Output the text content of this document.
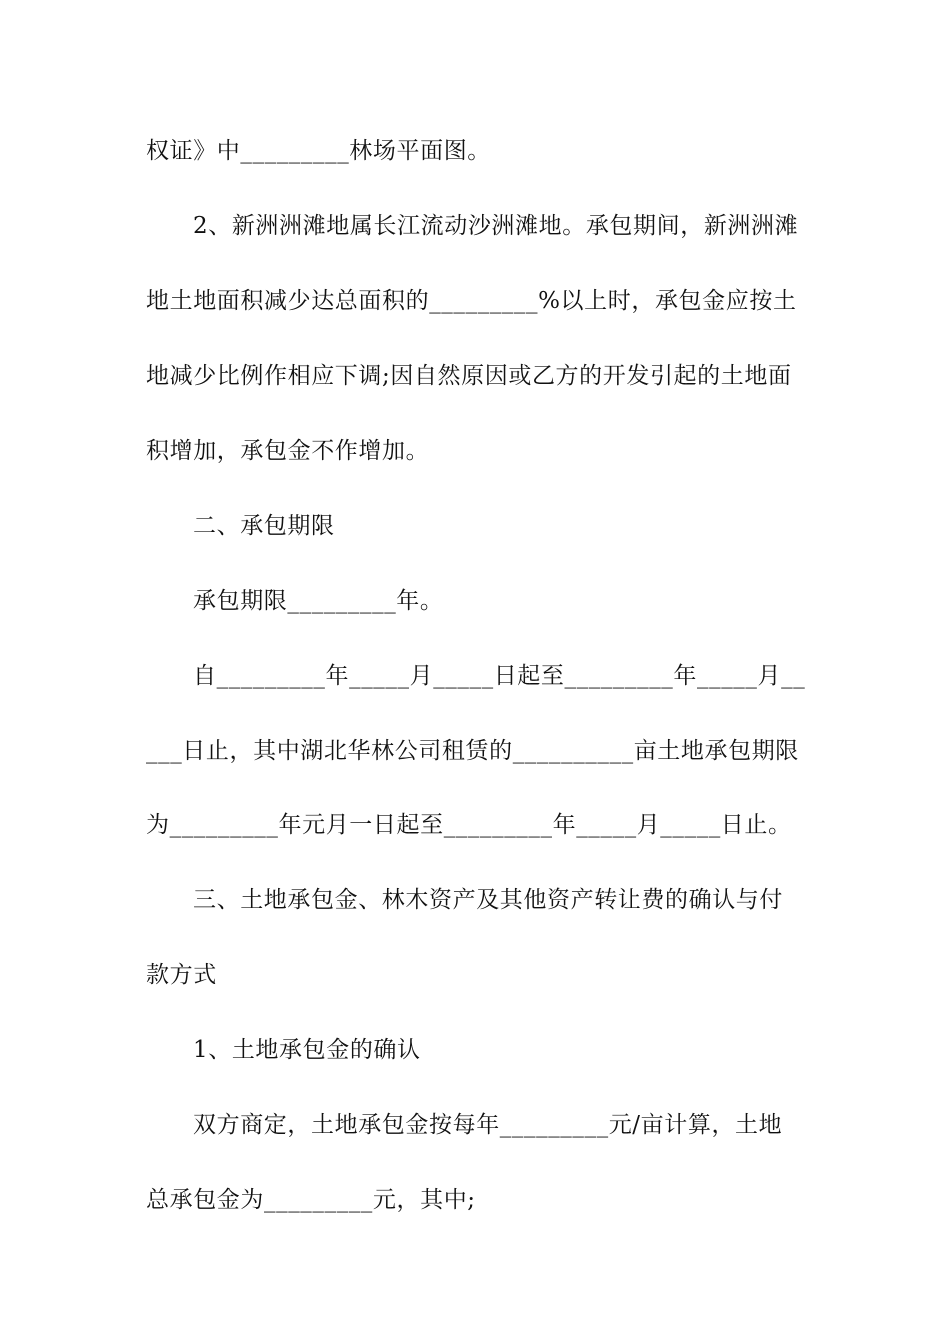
权证》中_________林场平面图。
2、新洲洲滩地属长江流动沙洲滩地。承包期间，新洲洲滩
地土地面积减少达总面积的_________%以上时，承包金应按土
地减少比例作相应下调;因自然原因或乙方的开发引起的土地面
积增加，承包金不作增加。
二、承包期限
承包期限_________年。
自_________年_____月_____日起至_________年_____月__
___日止，其中湖北华林公司租赁的__________亩土地承包期限
为_________年元月一日起至_________年_____月_____日止。
三、土地承包金、林木资产及其他资产转让费的确认与付
款方式
1、土地承包金的确认
双方商定，土地承包金按每年_________元/亩计算，土地
总承包金为_________元，其中;
